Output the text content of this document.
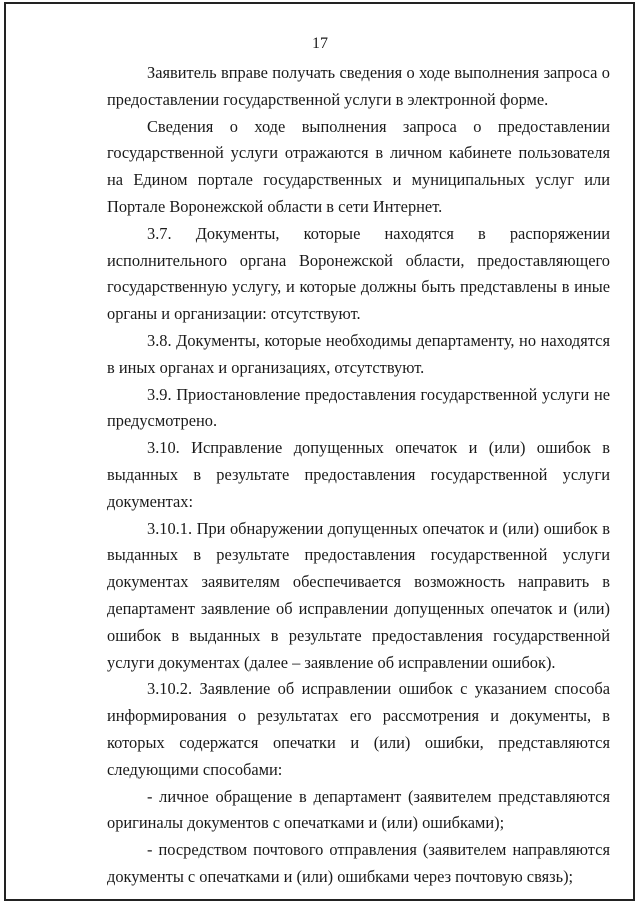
17

Заявитель вправе получать сведения о ходе выполнения запроса о предоставлении государственной услуги в электронной форме.

Сведения о ходе выполнения запроса о предоставлении государственной услуги отражаются в личном кабинете пользователя на Едином портале государственных и муниципальных услуг или Портале Воронежской области в сети Интернет.

3.7. Документы, которые находятся в распоряжении исполнительного органа Воронежской области, предоставляющего государственную услугу, и которые должны быть представлены в иные органы и организации: отсутствуют.

3.8. Документы, которые необходимы департаменту, но находятся в иных органах и организациях, отсутствуют.

3.9. Приостановление предоставления государственной услуги не предусмотрено.

3.10. Исправление допущенных опечаток и (или) ошибок в выданных в результате предоставления государственной услуги документах:

3.10.1. При обнаружении допущенных опечаток и (или) ошибок в выданных в результате предоставления государственной услуги документах заявителям обеспечивается возможность направить в департамент заявление об исправлении допущенных опечаток и (или) ошибок в выданных в результате предоставления государственной услуги документах (далее – заявление об исправлении ошибок).

3.10.2. Заявление об исправлении ошибок с указанием способа информирования о результатах его рассмотрения и документы, в которых содержатся опечатки и (или) ошибки, представляются следующими способами:

- личное обращение в департамент (заявителем представляются оригиналы документов с опечатками и (или) ошибками);

- посредством почтового отправления (заявителем направляются документы с опечатками и (или) ошибками через почтовую связь);
